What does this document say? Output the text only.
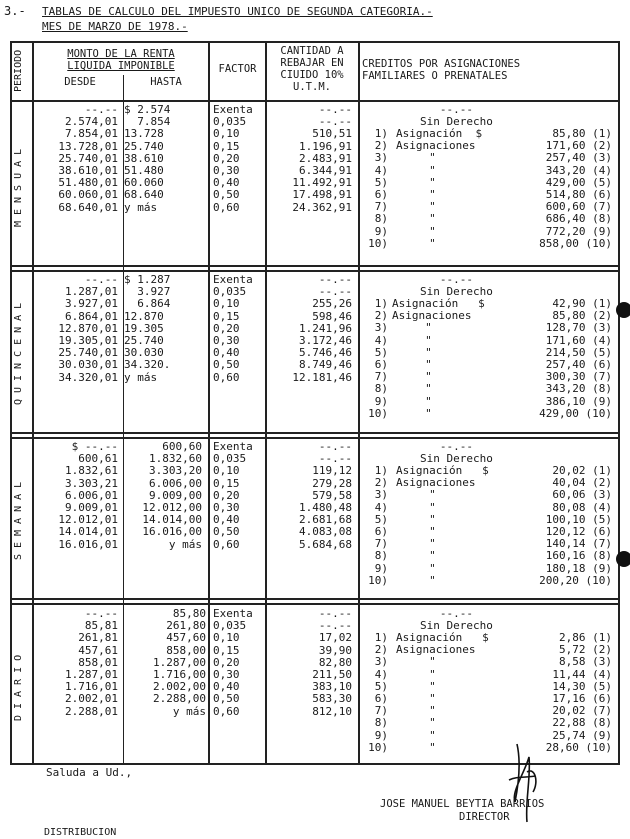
3.- TABLAS DE CALCULO DEL IMPUESTO UNICO DE SEGUNDA CATEGORIA.-
MES DE MARZO DE 1978.-
PERIODO	MONTO DE LA RENTA
LIQUIDA IMPONIBLE
DESDE	HASTA
FACTOR
CANTIDAD A
REBAJAR EN
CIUIDO 10%
U.T.M.
CREDITOS POR ASIGNACIONES
FAMILIARES O PRENATALES
MENSUAL
--.--
2.574,01
7.854,01
13.728,01
25.740,01
38.610,01
51.480,01
60.060,01
68.640,01
$ 2.574
7.854
13.728
25.740
38.610
51.480
60.060
68.640
y más
Exenta
0,035
0,10
0,15
0,20
0,30
0,40
0,50
0,60
--.--
--.--
510,51
1.196,91
2.483,91
6.344,91
11.492,91
17.498,91
24.362,91
--.--
Sin Derecho
1)
2)
3)
4)
5)
6)
7)
8)
9)
10)
Asignación  $
Asignaciones
"
"
"
"
"
"
"
"
85,80 (1)
171,60 (2)
257,40 (3)
343,20 (4)
429,00 (5)
514,80 (6)
600,60 (7)
686,40 (8)
772,20 (9)
858,00 (10)
QUINCENAL
--.--
1.287,01
3.927,01
6.864,01
12.870,01
19.305,01
25.740,01
30.030,01
34.320,01
$ 1.287
3.927
6.864
12.870
19.305
25.740
30.030
34.320.
y más
Exenta
0,035
0,10
0,15
0,20
0,30
0,40
0,50
0,60
--.--
--.--
255,26
598,46
1.241,96
3.172,46
5.746,46
8.749,46
12.181,46
--.--
Sin Derecho
1)
2)
3)
4)
5)
6)
7)
8)
9)
10)
Asignación   $
Asignaciones
"
"
"
"
"
"
"
"
42,90 (1)
85,80 (2)
128,70 (3)
171,60 (4)
214,50 (5)
257,40 (6)
300,30 (7)
343,20 (8)
386,10 (9)
429,00 (10)
SEMANAL
$ --.--
600,61
1.832,61
3.303,21
6.006,01
9.009,01
12.012,01
14.014,01
16.016,01
600,60
1.832,60
3.303,20
6.006,00
9.009,00
12.012,00
14.014,00
16.016,00
y más
Exenta
0,035
0,10
0,15
0,20
0,30
0,40
0,50
0,60
--.--
--.--
119,12
279,28
579,58
1.480,48
2.681,68
4.083,08
5.684,68
--.--
Sin Derecho
1)
2)
3)
4)
5)
6)
7)
8)
9)
10)
Asignación   $
Asignaciones
"
"
"
"
"
"
"
"
20,02 (1)
40,04 (2)
60,06 (3)
80,08 (4)
100,10 (5)
120,12 (6)
140,14 (7)
160,16 (8)
180,18 (9)
200,20 (10)
DIARIO
--.--
85,81
261,81
457,61
858,01
1.287,01
1.716,01
2.002,01
2.288,01
85,80
261,80
457,60
858,00
1.287,00
1.716,00
2.002,00
2.288,00
y más
Exenta
0,035
0,10
0,15
0,20
0,30
0,40
0,50
0,60
--.--
--.--
17,02
39,90
82,80
211,50
383,10
583,30
812,10
--.--
Sin Derecho
1)
2)
3)
4)
5)
6)
7)
8)
9)
10)
Asignación   $
Asignaciones
"
"
"
"
"
"
"
"
2,86 (1)
5,72 (2)
8,58 (3)
11,44 (4)
14,30 (5)
17,16 (6)
20,02 (7)
22,88 (8)
25,74 (9)
28,60 (10)
Saluda a Ud.,
JOSE MANUEL BEYTIA BARRIOS
DIRECTOR
DISTRIBUCION
